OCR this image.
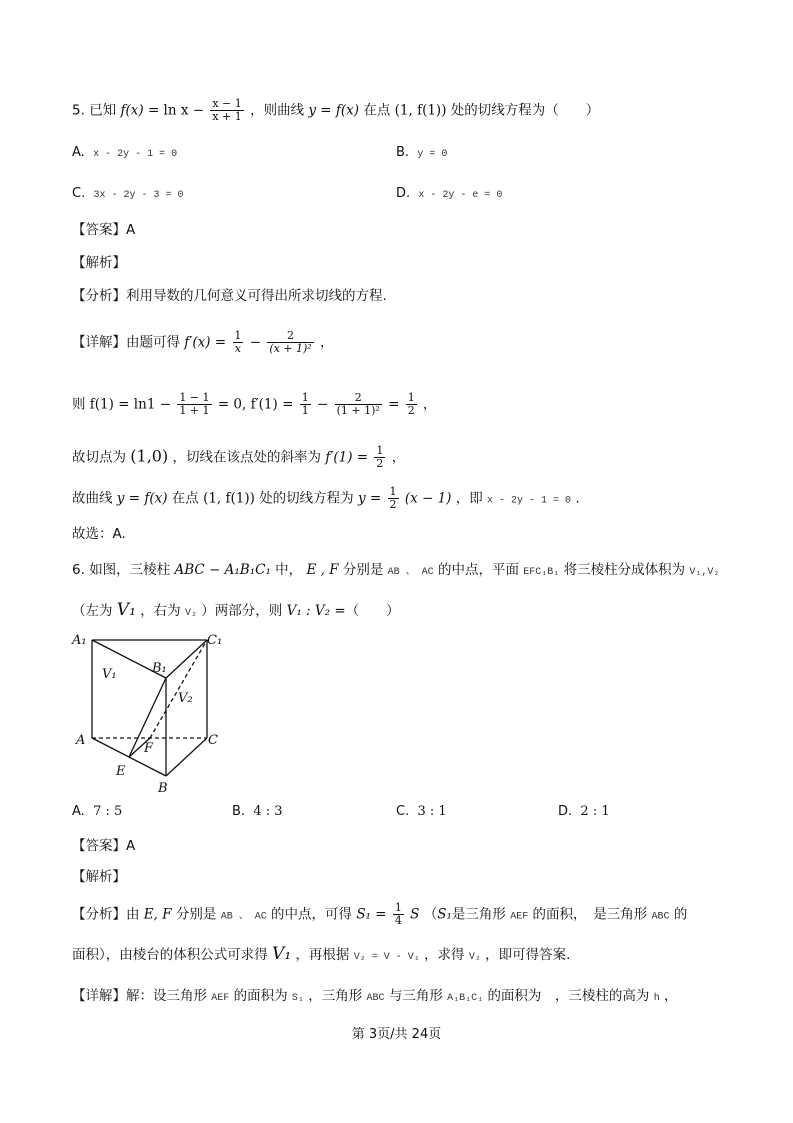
5. 已知 $f(x) = \ln x - \frac{x - 1}{x + 1}$ ，则曲线 y = f(x) 在点 (1, f(1)) 处的切线方程为（　　）
A. x - 2y - 1 = 0	B. y = 0
C. 3x - 2y - 3 = 0	D. x - 2y - e = 0
【答案】A
【解析】
【分析】利用导数的几何意义可得出所求切线的方程.
【详解】由题可得 $f'(x) = \frac{1}{x} - \frac{2}{\text{(x + 1)²}}$ ，
则 $f(1) = \ln 1 - \frac{1 - 1}{1 + 1} = 0$, $f'(1) = \frac{1}{1} - \frac{2}{\text{(1 + 1)²}} = \frac{1}{2}$ ，
故切点为 (1,0) ，切线在该点处的斜率为 $f'(1) = \frac{1}{2}$ ，
故曲线 y = f(x) 在点 (1, f(1)) 处的切线方程为 $y = \frac{1}{2} (x - 1)$ ，即 x - 2y - 1 = 0 .
故选：A.
6. 如图，三棱柱 ABC − A₁B₁C₁ 中， E , F 分别是 AB 、 AC 的中点，平面 EFC₁B₁ 将三棱柱分成体积为 V₁,V₂
（左为 V₁ ，右为 V₂ ）两部分，则 V₁ : V₂ =（　　）
A₁	C₁
B₁
V₁
V₂
A	C
F
E
B
A. 7 : 5	B. 4 : 3	C. 3 : 1	D. 2 : 1
【答案】A
【解析】
【分析】由 E, F 分别是 AB 、 AC 的中点，可得 $S_1 = \frac{1}{4}$ S （S₁是三角形 AEF 的面积，　是三角形 ABC 的
面积），由棱台的体积公式可求得 V₁ ，再根据 V₂ = V - V₁ ，求得 V₂ ，即可得答案.
【详解】解：设三角形 AEF 的面积为 S₁ ，三角形 ABC 与三角形 A₁B₁C₁ 的面积为　，三棱柱的高为 h ，
第 3页/共 24页
